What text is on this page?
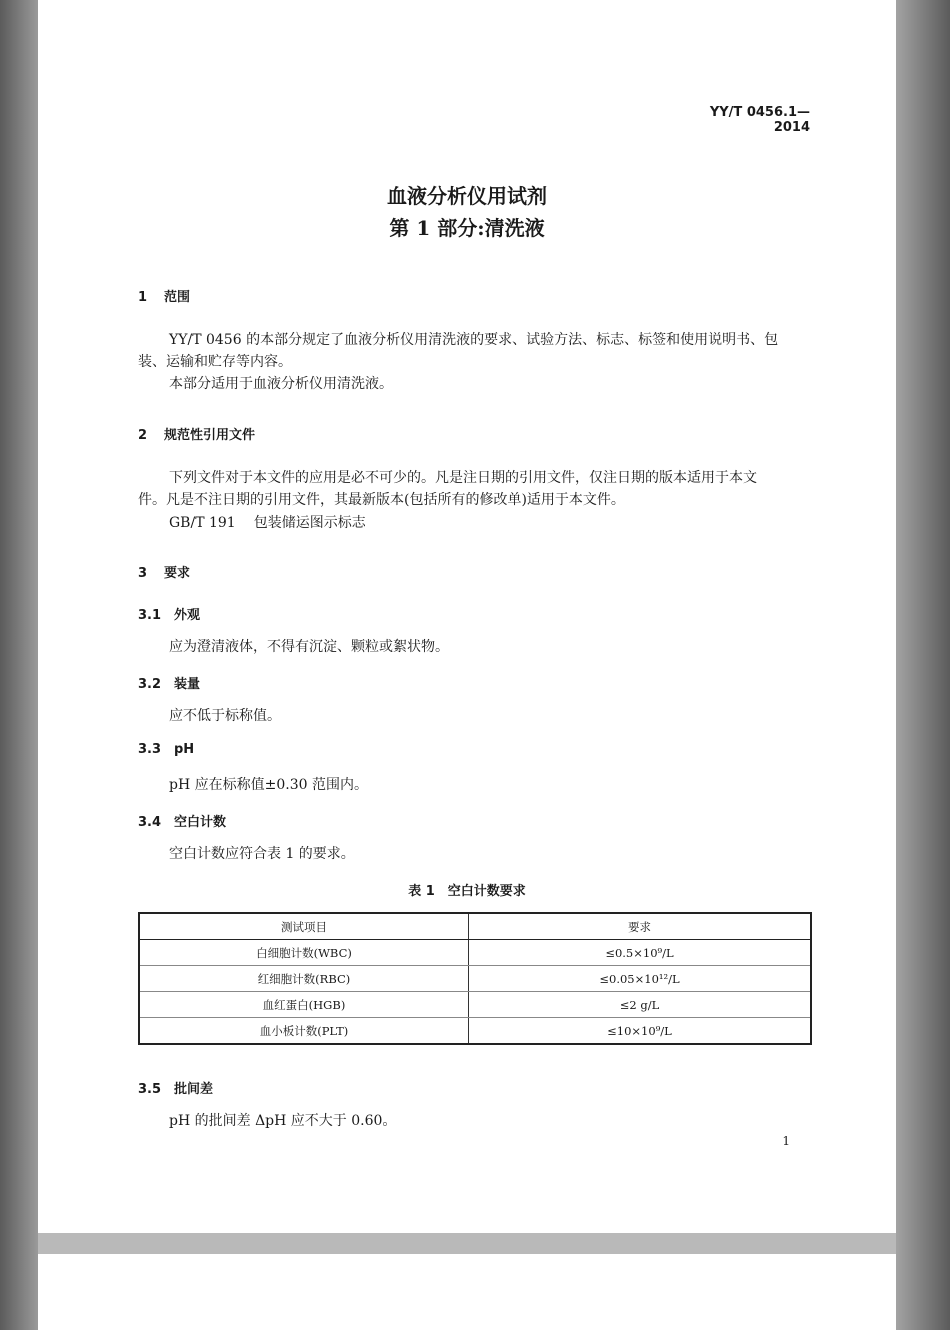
YY/T 0456.1—2014
血液分析仪用试剂
第 1 部分:清洗液
1 范围
YY/T 0456 的本部分规定了血液分析仪用清洗液的要求、试验方法、标志、标签和使用说明书、包
装、运输和贮存等内容。
本部分适用于血液分析仪用清洗液。
2 规范性引用文件
下列文件对于本文件的应用是必不可少的。凡是注日期的引用文件，仅注日期的版本适用于本文
件。凡是不注日期的引用文件，其最新版本(包括所有的修改单)适用于本文件。
GB/T 191 包装储运图示标志
3 要求
3.1 外观
应为澄清液体，不得有沉淀、颗粒或絮状物。
3.2 装量
应不低于标称值。
3.3 pH
pH 应在标称值±0.30 范围内。
3.4 空白计数
空白计数应符合表 1 的要求。
表 1　空白计数要求
测试项目	要求
白细胞计数(WBC)	≤0.5×10⁹/L
红细胞计数(RBC)	≤0.05×10¹²/L
血红蛋白(HGB)	≤2 g/L
血小板计数(PLT)	≤10×10⁹/L
3.5 批间差
pH 的批间差 ΔpH 应不大于 0.60。
1
